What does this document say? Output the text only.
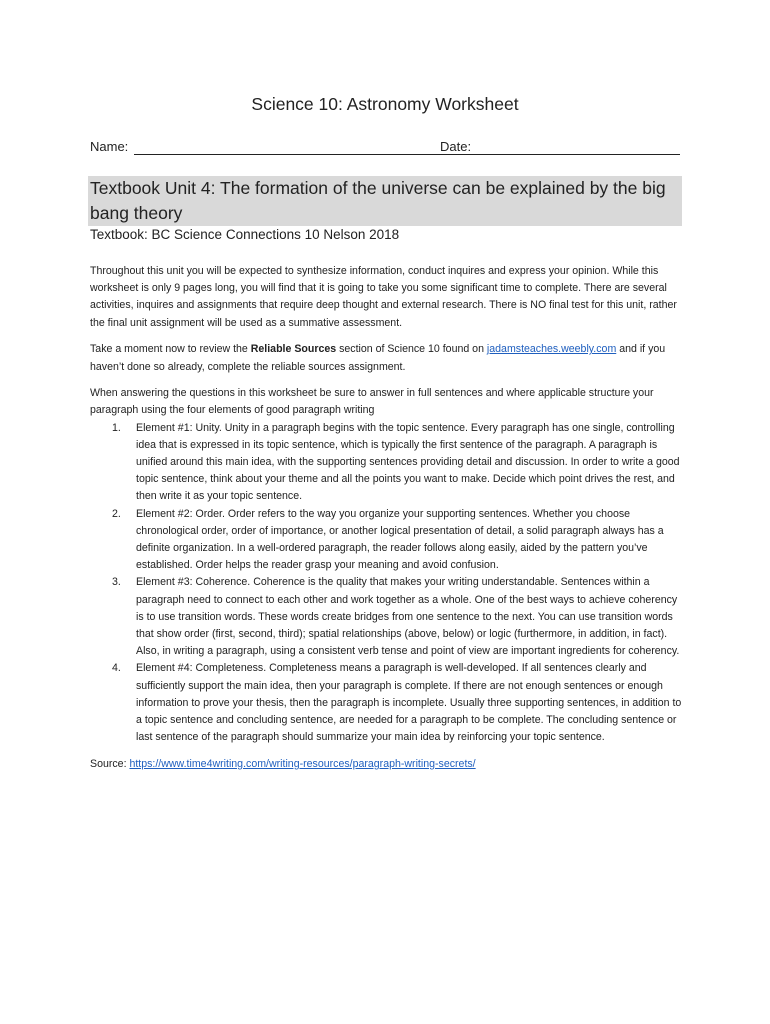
Science 10: Astronomy Worksheet
Name:	Date:
Textbook Unit 4: The formation of the universe can be explained by the big bang theory
Textbook: BC Science Connections 10 Nelson 2018

Throughout this unit you will be expected to synthesize information, conduct inquires and express your opinion. While this worksheet is only 9 pages long, you will find that it is going to take you some significant time to complete. There are several activities, inquires and assignments that require deep thought and external research. There is NO final test for this unit, rather the final unit assignment will be used as a summative assessment.

Take a moment now to review the Reliable Sources section of Science 10 found on jadamsteaches.weebly.com and if you haven’t done so already, complete the reliable sources assignment.

When answering the questions in this worksheet be sure to answer in full sentences and where applicable structure your paragraph using the four elements of good paragraph writing

1. Element #1: Unity. Unity in a paragraph begins with the topic sentence. Every paragraph has one single, controlling idea that is expressed in its topic sentence, which is typically the first sentence of the paragraph. A paragraph is unified around this main idea, with the supporting sentences providing detail and discussion. In order to write a good topic sentence, think about your theme and all the points you want to make. Decide which point drives the rest, and then write it as your topic sentence.
2. Element #2: Order. Order refers to the way you organize your supporting sentences. Whether you choose chronological order, order of importance, or another logical presentation of detail, a solid paragraph always has a definite organization. In a well-ordered paragraph, the reader follows along easily, aided by the pattern you’ve established. Order helps the reader grasp your meaning and avoid confusion.
3. Element #3: Coherence. Coherence is the quality that makes your writing understandable. Sentences within a paragraph need to connect to each other and work together as a whole. One of the best ways to achieve coherency is to use transition words. These words create bridges from one sentence to the next. You can use transition words that show order (first, second, third); spatial relationships (above, below) or logic (furthermore, in addition, in fact). Also, in writing a paragraph, using a consistent verb tense and point of view are important ingredients for coherency.
4. Element #4: Completeness. Completeness means a paragraph is well-developed. If all sentences clearly and sufficiently support the main idea, then your paragraph is complete. If there are not enough sentences or enough information to prove your thesis, then the paragraph is incomplete. Usually three supporting sentences, in addition to a topic sentence and concluding sentence, are needed for a paragraph to be complete. The concluding sentence or last sentence of the paragraph should summarize your main idea by reinforcing your topic sentence.

Source: https://www.time4writing.com/writing-resources/paragraph-writing-secrets/
